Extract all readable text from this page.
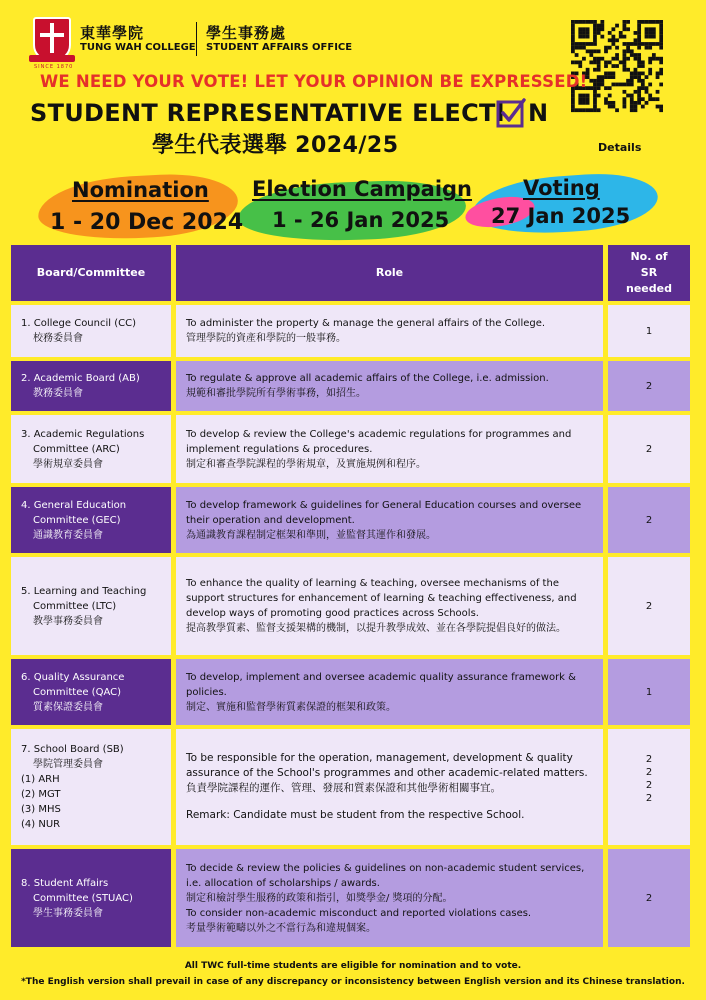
SINCE 1870
東華學院
TUNG WAH COLLEGE
學生事務處
STUDENT AFFAIRS OFFICE
Details
WE NEED YOUR VOTE! LET YOUR OPINION BE EXPRESSED!
STUDENT REPRESENTATIVE ELECTI N
學生代表選舉 2024/25
Nomination
1 - 20 Dec 2024
Election Campaign
1 - 26 Jan 2025
Voting
27 Jan 2025
Board/Committee	Role
No. of SR needed
1. College Council (CC)
校務委員會
To administer the property & manage the general affairs of the College.
管理學院的資產和學院的一般事務。
1
2. Academic Board (AB)
教務委員會
To regulate & approve all academic affairs of the College, i.e. admission.
規範和審批學院所有學術事務，如招生。
2
3. Academic Regulations
Committee (ARC)
學術規章委員會
To develop & review the College's academic regulations for programmes and implement regulations & procedures.
制定和審查學院課程的學術規章，及實施規例和程序。
2
4. General Education
Committee (GEC)
通識教育委員會
To develop framework & guidelines for General Education courses and oversee their operation and development.
為通識教育課程制定框架和準則，並監督其運作和發展。
2
5. Learning and Teaching
Committee (LTC)
教學事務委員會
To enhance the quality of learning & teaching, oversee mechanisms of the support structures for enhancement of learning & teaching effectiveness, and develop ways of promoting good practices across Schools.
提高教學質素、監督支援架構的機制，以提升教學成效、並在各學院提倡良好的做法。
2
6. Quality Assurance
Committee (QAC)
質素保證委員會
To develop, implement and oversee academic quality assurance framework & policies.
制定、實施和監督學術質素保證的框架和政策。
1
7. School Board (SB)
學院管理委員會
(1) ARH
(2) MGT
(3) MHS
(4) NUR
To be responsible for the operation, management, development & quality assurance of the School's programmes and other academic-related matters.
負責學院課程的運作、管理、發展和質素保證和其他學術相關事宜。
Remark: Candidate must be student from the respective School.
2
2
2
2
8. Student Affairs
Committee (STUAC)
學生事務委員會
To decide & review the policies & guidelines on non-academic student services, i.e. allocation of scholarships / awards.
制定和檢討學生服務的政策和指引，如獎學金/ 獎項的分配。
To consider non-academic misconduct and reported violations cases.
考量學術範疇以外之不當行為和違規個案。
2
All TWC full-time students are eligible for nomination and to vote.
*The English version shall prevail in case of any discrepancy or inconsistency between English version and its Chinese translation.
